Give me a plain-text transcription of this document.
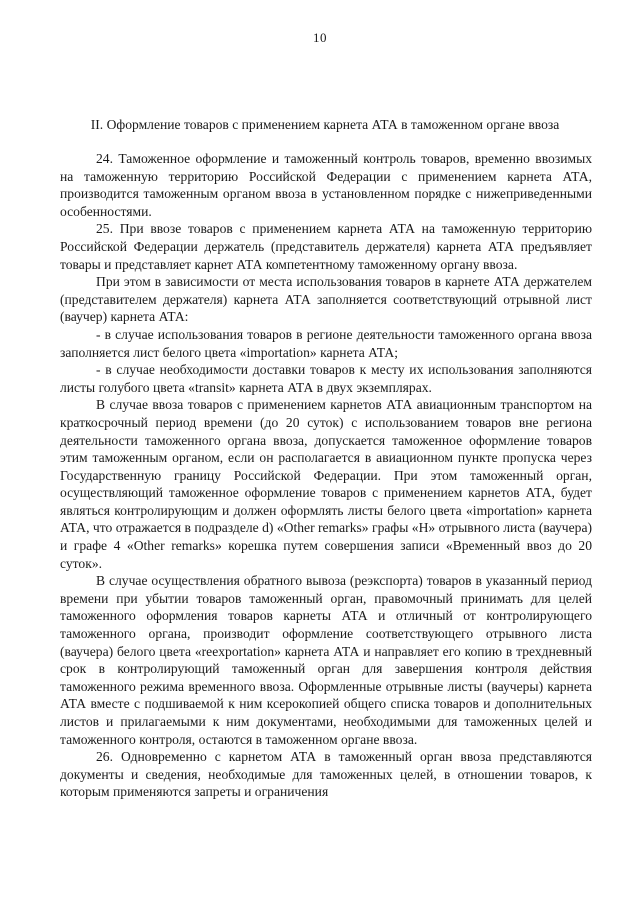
10
II. Оформление товаров с применением карнета АТА в таможенном органе ввоза

24. Таможенное оформление и таможенный контроль товаров, временно ввозимых на таможенную территорию Российской Федерации с применением карнета АТА, производится таможенным органом ввоза в установленном порядке с нижеприведенными особенностями.

25. При ввозе товаров с применением карнета АТА на таможенную территорию Российской Федерации держатель (представитель держателя) карнета АТА предъявляет товары и представляет карнет АТА компетентному таможенному органу ввоза.

При этом в зависимости от места использования товаров в карнете АТА держателем (представителем держателя) карнета АТА заполняется соответствующий отрывной лист (ваучер) карнета АТА:

- в случае использования товаров в регионе деятельности таможенного органа ввоза заполняется лист белого цвета «importation» карнета АТА;

- в случае необходимости доставки товаров к месту их использования заполняются листы голубого цвета «transit» карнета АТА в двух экземплярах.

В случае ввоза товаров с применением карнетов АТА авиационным транспортом на краткосрочный период времени (до 20 суток) с использованием товаров вне региона деятельности таможенного органа ввоза, допускается таможенное оформление товаров этим таможенным органом, если он располагается в авиационном пункте пропуска через Государственную границу Российской Федерации. При этом таможенный орган, осуществляющий таможенное оформление товаров с применением карнетов АТА, будет являться контролирующим и должен оформлять листы белого цвета «importation» карнета АТА, что отражается в подразделе d) «Other remarks» графы «H» отрывного листа (ваучера) и графе 4 «Other remarks» корешка путем совершения записи «Временный ввоз до 20 суток».

В случае осуществления обратного вывоза (реэкспорта) товаров в указанный период времени при убытии товаров таможенный орган, правомочный принимать для целей таможенного оформления товаров карнеты АТА и отличный от контролирующего таможенного органа, производит оформление соответствующего отрывного листа (ваучера) белого цвета «reexportation» карнета АТА и направляет его копию в трехдневный срок в контролирующий таможенный орган для завершения контроля действия таможенного режима временного ввоза. Оформленные отрывные листы (ваучеры) карнета АТА вместе с подшиваемой к ним ксерокопией общего списка товаров и дополнительных листов и прилагаемыми к ним документами, необходимыми для таможенных целей и таможенного контроля, остаются в таможенном органе ввоза.

26. Одновременно с карнетом АТА в таможенный орган ввоза представляются документы и сведения, необходимые для таможенных целей, в отношении товаров, к которым применяются запреты и ограничения
